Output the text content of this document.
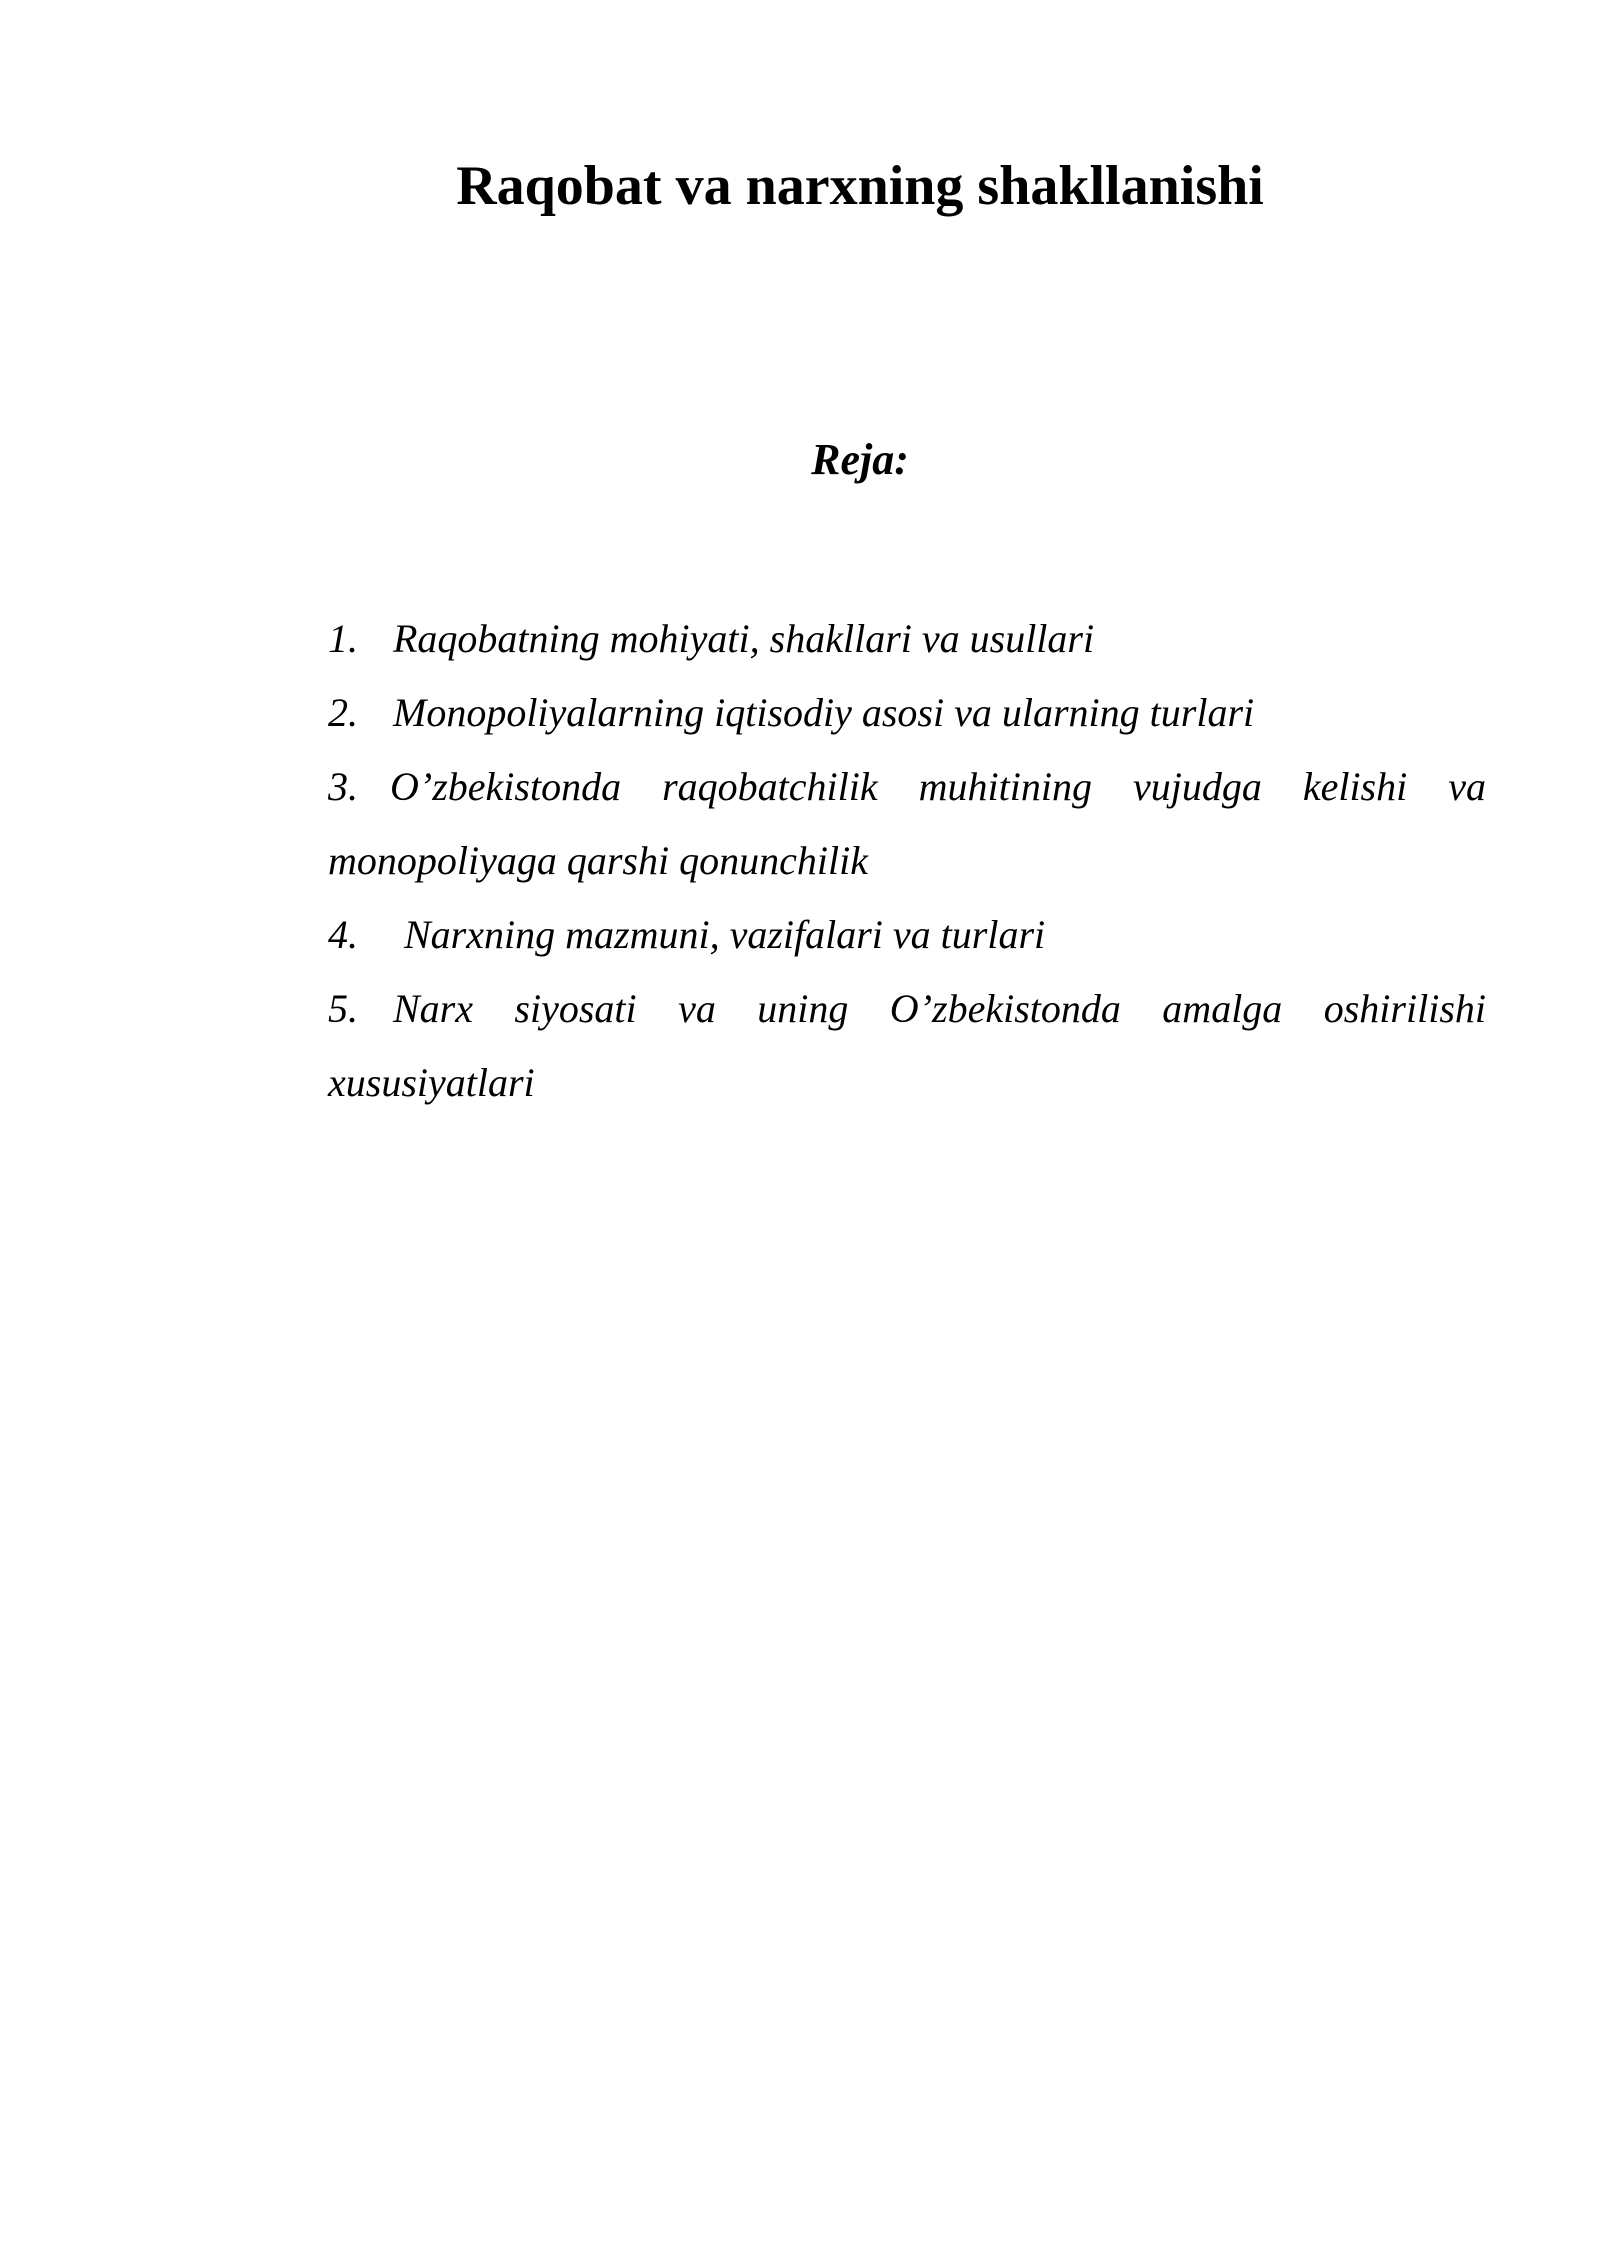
Raqobat va narxning shakllanishi
Reja:
1. Raqobatning mohiyati, shakllari va usullari
2. Monopoliyalarning iqtisodiy asosi va ularning turlari
3. O’zbekistonda raqobatchilik muhitining vujudga kelishi va monopoliyaga qarshi qonunchilik
4. Narxning mazmuni, vazifalari va turlari
5. Narx siyosati va uning O’zbekistonda amalga oshirilishi xususiyatlari
